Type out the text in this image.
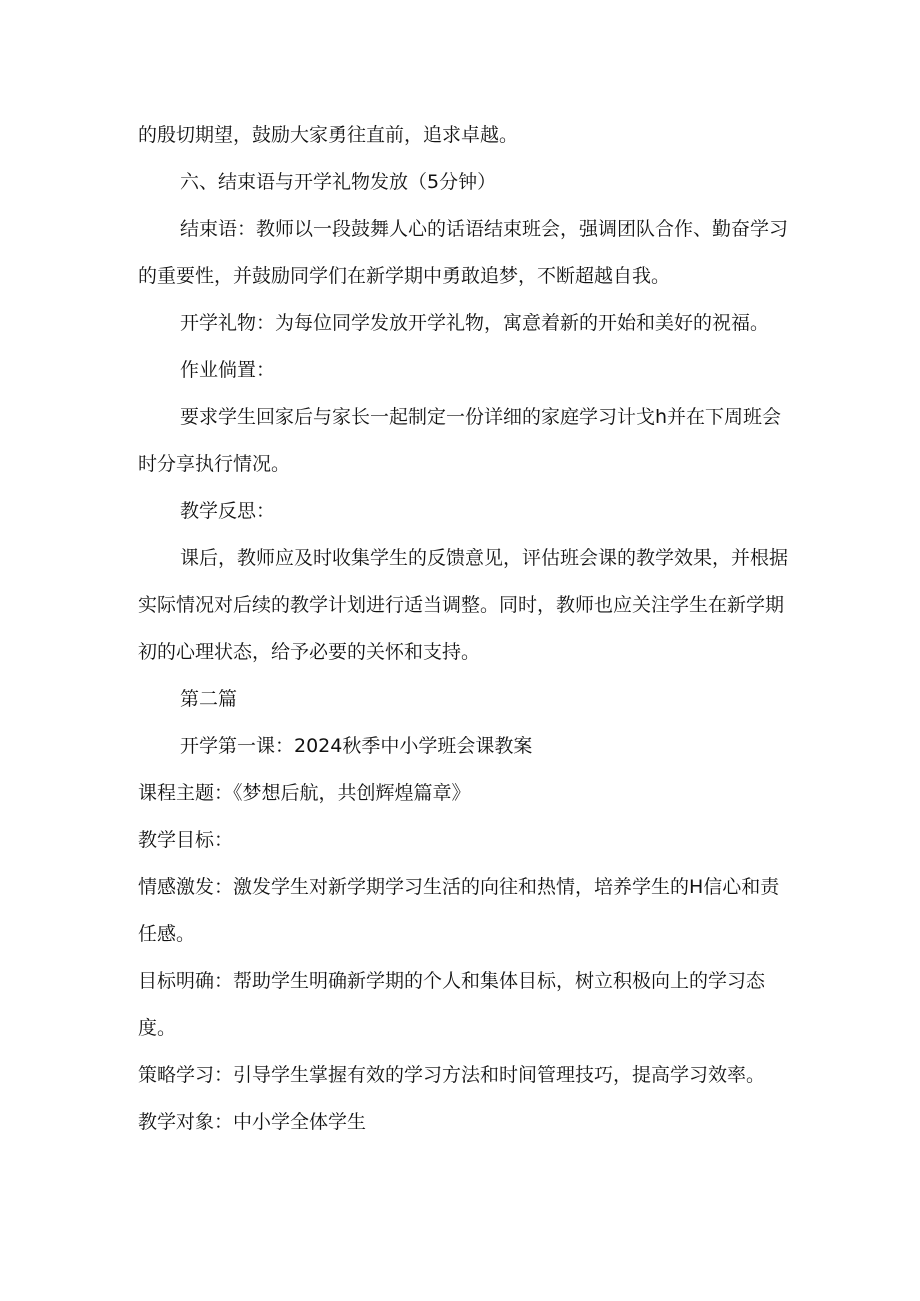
的殷切期望，鼓励大家勇往直前，追求卓越。

六、结束语与开学礼物发放（5分钟）

结束语：教师以一段鼓舞人心的话语结束班会，强调团队合作、勤奋学习的重要性，并鼓励同学们在新学期中勇敢追梦，不断超越自我。

开学礼物：为每位同学发放开学礼物，寓意着新的开始和美好的祝福。

作业倘置：

要求学生回家后与家长一起制定一份详细的家庭学习计戈h并在下周班会时分享执行情况。

教学反思：

课后，教师应及时收集学生的反馈意见，评估班会课的教学效果，并根据实际情况对后续的教学计划进行适当调整。同时，教师也应关注学生在新学期初的心理状态，给予必要的关怀和支持。

第二篇

开学第一课：2024秋季中小学班会课教案

课程主题：《梦想后航，共创辉煌篇章》

教学目标：

情感激发：激发学生对新学期学习生活的向往和热情，培养学生的H信心和责任感。

目标明确：帮助学生明确新学期的个人和集体目标，树立积极向上的学习态度。

策略学习：引导学生掌握有效的学习方法和时间管理技巧，提高学习效率。

教学对象：中小学全体学生
